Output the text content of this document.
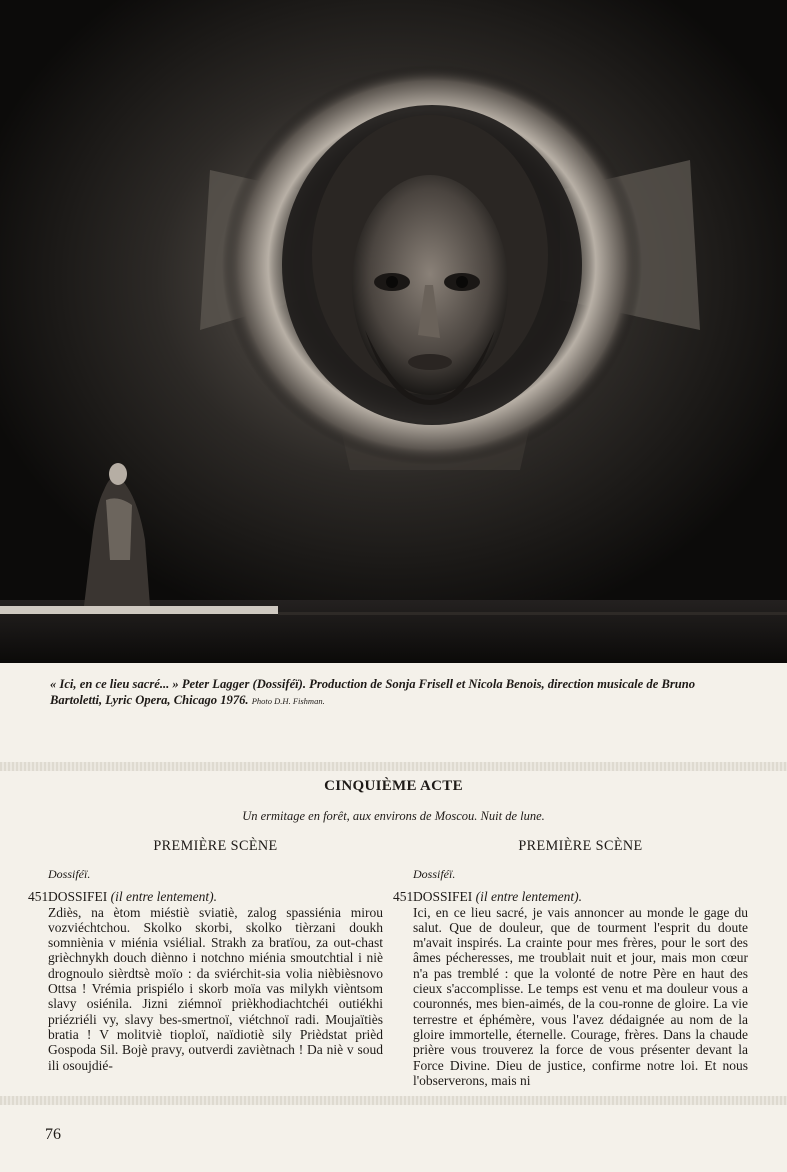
« Ici, en ce lieu sacré... » Peter Lagger (Dossiféï). Production de Sonja Frisell et Nicola Benois, direction musicale de Bruno Bartoletti, Lyric Opera, Chicago 1976. Photo D.H. Fishman.
CINQUIÈME ACTE
Un ermitage en forêt, aux environs de Moscou. Nuit de lune.
PREMIÈRE SCÈNE	PREMIÈRE SCÈNE
Dossiféï.
451 DOSSIFEI (il entre lentement).
Zdiès, na ètom miéstiè sviatiè, zalog spassiénia mirou vozviéchtchou. Skolko skorbi, skolko tièrzani doukh somniènia v miénia vsiélial. Strakh za bratïou, za out-chast grièchnykh douch diènno i notchno miénia smoutchtial i niè drognoulo sièrdtsè moïo : da sviérchit-sia volia nièbièsnovo Ottsa ! Vrémia prispiélo i skorb moïa vas milykh vièntsom slavy osiénila. Jizni ziémnoï prièkhodiachtchéi outiékhi priézriéli vy, slavy bes-smertnoï, viétchnoï radi. Moujaïtiès bratia ! V molitviè tioploï, naïdiotiè sily Prièdstat prièd Gospoda Sil. Bojè pravy, outverdi zaviètnach ! Da niè v soud ili osoujdié-
Dossiféï.
451 DOSSIFEI (il entre lentement).
Ici, en ce lieu sacré, je vais annoncer au monde le gage du salut. Que de douleur, que de tourment l'esprit du doute m'avait inspirés. La crainte pour mes frères, pour le sort des âmes pécheresses, me troublait nuit et jour, mais mon cœur n'a pas tremblé : que la volonté de notre Père en haut des cieux s'accomplisse. Le temps est venu et ma douleur vous a couronnés, mes bien-aimés, de la cou-ronne de gloire. La vie terrestre et éphémère, vous l'avez dédaignée au nom de la gloire immortelle, éternelle. Courage, frères. Dans la chaude prière vous trouverez la force de vous présenter devant la Force Divine. Dieu de justice, confirme notre loi. Et nous l'observerons, mais ni
76
